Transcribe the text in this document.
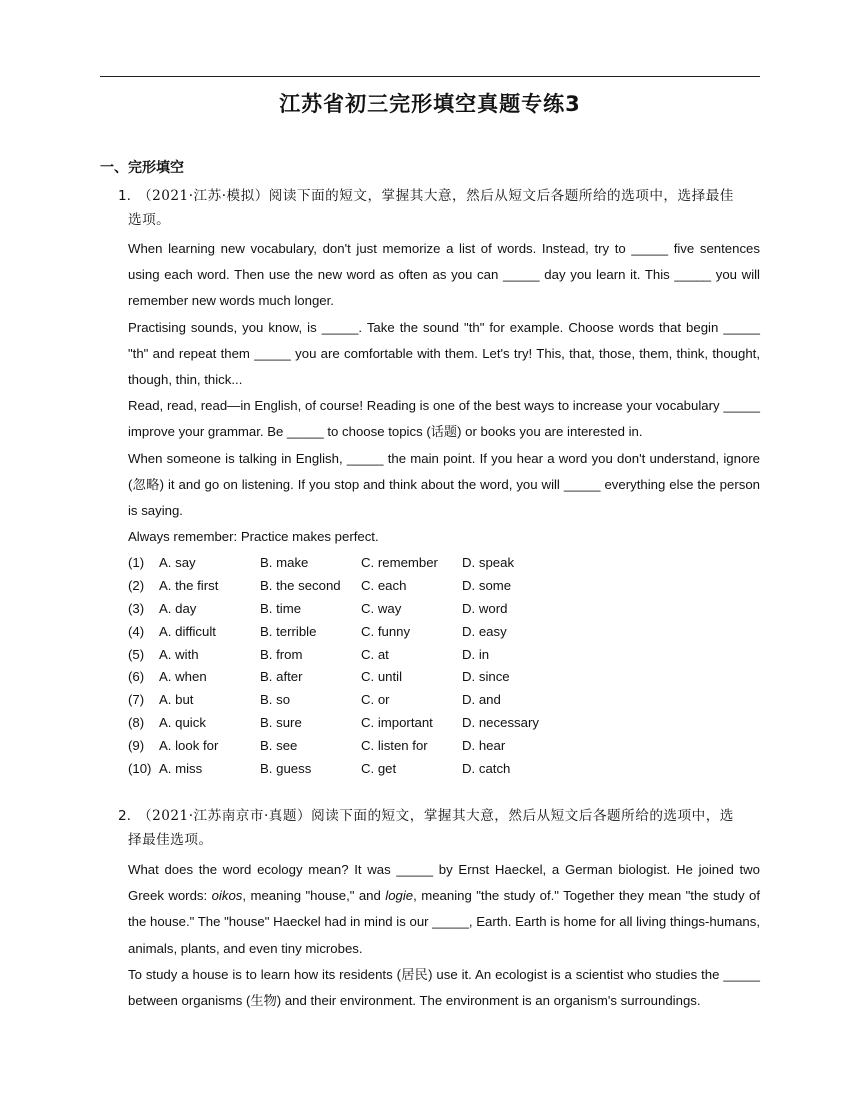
江苏省初三完形填空真题专练3
一、完形填空
1. （2021·江苏·模拟）阅读下面的短文，掌握其大意，然后从短文后各题所给的选项中，选择最佳
选项。

When learning new vocabulary, don't just memorize a list of words. Instead, try to _____ five sentences using each word. Then use the new word as often as you can _____ day you learn it. This _____ you will remember new words much longer.

Practising sounds, you know, is _____. Take the sound "th" for example. Choose words that begin _____ "th" and repeat them _____ you are comfortable with them. Let's try! This, that, those, them, think, thought, though, thin, thick...

Read, read, read—in English, of course! Reading is one of the best ways to increase your vocabulary _____ improve your grammar. Be _____ to choose topics (话题) or books you are interested in.

When someone is talking in English, _____ the main point. If you hear a word you don't understand, ignore (忽略) it and go on listening. If you stop and think about the word, you will _____ everything else the person is saying.

Always remember: Practice makes perfect.

(1)	A. say	B. make	C. remember	D. speak
(2)	A. the first	B. the second	C. each	D. some
(3)	A. day	B. time	C. way	D. word
(4)	A. difficult	B. terrible	C. funny	D. easy
(5)	A. with	B. from	C. at	D. in
(6)	A. when	B. after	C. until	D. since
(7)	A. but	B. so	C. or	D. and
(8)	A. quick	B. sure	C. important	D. necessary
(9)	A. look for	B. see	C. listen for	D. hear
(10) A. miss	B. guess	C. get	D. catch
2. （2021·江苏南京市·真题）阅读下面的短文，掌握其大意，然后从短文后各题所给的选项中，选
择最佳选项。

What does the word ecology mean? It was _____ by Ernst Haeckel, a German biologist. He joined two Greek words: oikos, meaning "house," and logie, meaning "the study of." Together they mean "the study of the house." The "house" Haeckel had in mind is our _____, Earth. Earth is home for all living things-humans, animals, plants, and even tiny microbes.

To study a house is to learn how its residents (居民) use it. An ecologist is a scientist who studies the _____ between organisms (生物) and their environment. The environment is an organism's surroundings.
